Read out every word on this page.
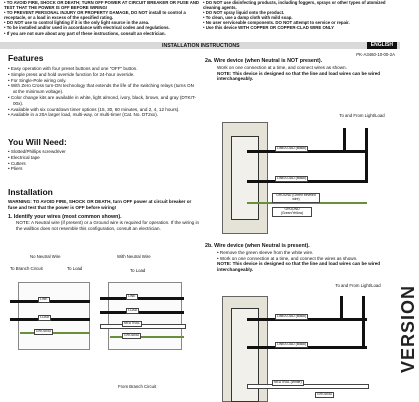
• TO AVOID FIRE, SHOCK OR DEATH; TURN OFF POWER AT CIRCUIT BREAKER OR FUSE AND TEST THAT THE POWER IS OFF BEFORE WIRING!
• TO PREVENT PERSONAL INJURY OR PROPERTY DAMAGE, DO NOT install to control a receptacle, or a load in excess of the specified rating.
• DO NOT use to control lighting if it is the only light source in the area.
• To be installed and/or used in accordance with electrical codes and regulations.
• If you are not sure about any part of these instructions, consult an electrician.
• DO NOT use disinfecting products, including foggers, sprays or other types of atomized cleaning agents.
• DO NOT spray liquid onto the product.
• To clean, use a damp cloth with mild soap.
• No user serviceable components. DO NOT attempt to service or repair.
• Use this device WITH COPPER OR COPPER-CLAD WIRE ONLY
INSTALLATION INSTRUCTIONS	ENGLISH
PK-A3460-10-00-2A
Features
• Easy operation with four preset buttons and one "OFF" button.
• Simple press and hold override function for 24-hour override.
• For Single-Pole wiring only.
• With Zero Cross turn-ON technology that extends the life of the switching relays (turns ON at the minimum voltage).
• Color change kits are available in white, light almond, ivory, black, brown, and gray (DTKIT-00x).
• Available with six countdown timer options (15, 30, 60 minutes, and 2, 4, 12 hours).
• Available in a 20A larger load, multi-way, or multi-timer (Cat. No. DT2xx).
You Will Need:
• Slotted/Phillips screwdriver
• Electrical tape
• Cutters
• Pliers
Installation
WARNING: TO AVOID FIRE, SHOCK OR DEATH, turn OFF power at circuit breaker or fuse and test that the power is OFF before wiring!
1. Identify your wires (most common shown).
NOTE: A Neutral wire (if present) or a Ground wire is required for operation. If the wiring in the wallbox does not resemble this configuration, consult an electrician.
No Neutral Wire	With Neutral Wire
To Branch Circuit	To Load	To Load
LINE
LOAD
GROUND
LINE
LOAD
NEUTRAL
GROUND
From Branch Circuit
2a. Wire device (when Neutral is NOT present).
Work on one connection at a time, and connect wires as shown.
NOTE: This device is designed so that the line and load wires can be wired interchangeably.
To and From Light/Load
LINE/LOAD (Black)
LINE/LOAD (Black)
GROUND (Green beveled wire)
GROUND (Green/Yellow)
2b. Wire device (when Neutral is present).
• Remove the green sleeve from the white wire.
• Work on one connection at a time, and connect the wires as shown.
NOTE: This device is designed so that the line and load wires can be wired interchangeably.
To and From Light/Load
LINE/LOAD (Black)
LINE/LOAD (Black)
NEUTRAL (White)
GROUND
VERSION
